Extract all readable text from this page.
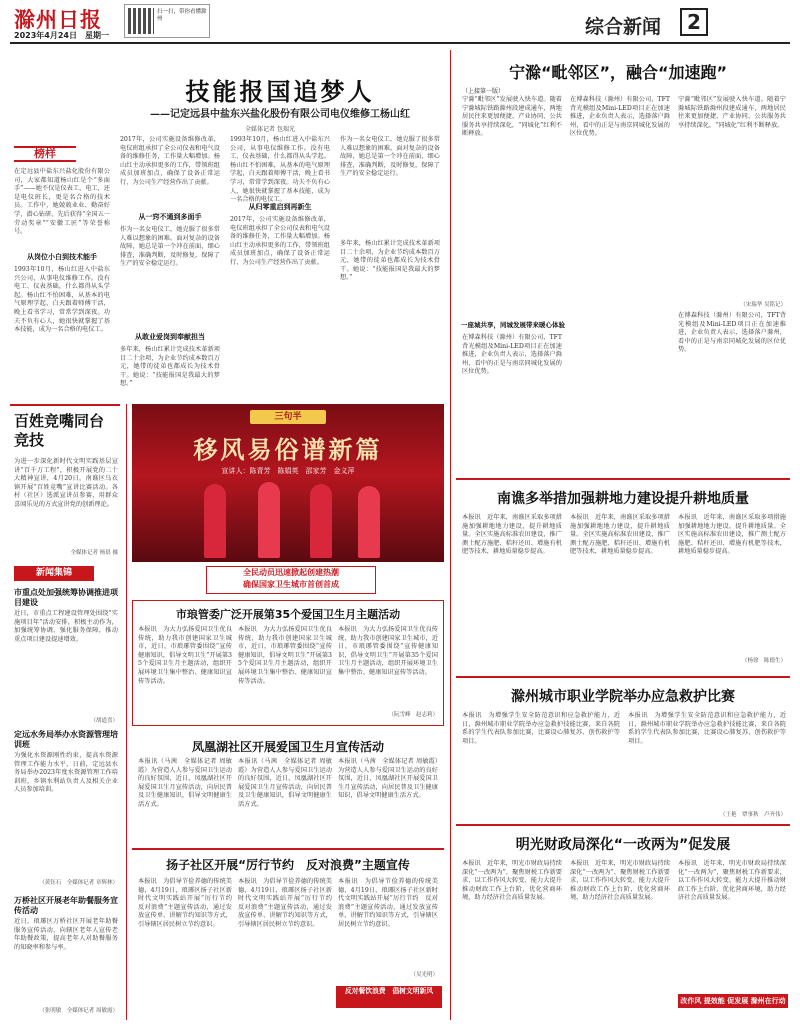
滁州日报
2023年4月24日　星期一
扫一扫，带你看懂滁州	综合新闻 2
技能报国追梦人
——记定远县中盐东兴盐化股份有限公司电仪维修工杨山红
全媒体记者 包瑞光
榜样
在定远县中盐东兴盐化股份有限公司，大家都知道杨山红是个“多面手”——她不仅是仪表工、电工，还是电仪班长，更是名合格的技术员。工作中，她兢兢业业、勤奋好学、潜心钻研，先后获得“全国五一劳动奖章”“安徽工匠”等荣誉称号。
从岗位小白到技术能手
1993年10月，杨山红进入中盐东兴公司，从事电仪维修工作。没有电工、仪表基础，什么都得从头学起。杨山红不怕困难，从基本的电气原理学起，白天跟着师傅干活，晚上看书学习，常常学到深夜。功夫不负有心人，她很快就掌握了基本技能，成为一名合格的电仪工。
2017年，公司实施设备维修改革，电仪班组承担了全公司仪表和电气设备的维修任务，工作量大幅增加。杨山红主动承担更多的工作，带领班组成员加班加点，确保了设备正常运行，为公司生产经营作出了贡献。
从一窍不通到多面手
作为一名女电仪工，她克服了很多常人难以想象的困难。面对复杂的设备故障，她总是第一个冲在前面，细心排查，准确判断，及时修复，保障了生产的安全稳定运行。
从敢业爱岗到奉献担当
多年来，杨山红累计完成技术革新项目二十余项，为企业节约成本数百万元，她带的徒弟也都成长为技术骨干。她说：“技能报国是我最大的梦想。”
1993年10月，杨山红进入中盐东兴公司，从事电仪维修工作。没有电工、仪表基础，什么都得从头学起。杨山红不怕困难，从基本的电气原理学起，白天跟着师傅干活，晚上看书学习，常常学到深夜。功夫不负有心人，她很快就掌握了基本技能，成为一名合格的电仪工。
从归零重启到再新生
2017年，公司实施设备维修改革，电仪班组承担了全公司仪表和电气设备的维修任务，工作量大幅增加。杨山红主动承担更多的工作，带领班组成员加班加点，确保了设备正常运行，为公司生产经营作出了贡献。
作为一名女电仪工，她克服了很多常人难以想象的困难。面对复杂的设备故障，她总是第一个冲在前面，细心排查，准确判断，及时修复，保障了生产的安全稳定运行。
多年来，杨山红累计完成技术革新项目二十余项，为企业节约成本数百万元，她带的徒弟也都成长为技术骨干。她说：“技能报国是我最大的梦想。”
宁滁“毗邻区”，融合“加速跑”
（上接第一版）
宁滁“毗邻区”发展驶入快车道。随着宁滁城际铁路滁州段建成通车，两地居民往来更加便捷，产业协同、公共服务共享持续深化，“同城化”红利不断释放。
一座城共享，同城发展带来暖心体验
在博森科技（滁州）有限公司，TFT背光模组及Mini-LED项目正在加速推进，企业负责人表示，选择落户滁州，看中的正是与南京同城化发展的区位优势。
在博森科技（滁州）有限公司，TFT背光模组及Mini-LED项目正在加速推进，企业负责人表示，选择落户滁州，看中的正是与南京同城化发展的区位优势。
宁滁“毗邻区”发展驶入快车道。随着宁滁城际铁路滁州段建成通车，两地居民往来更加便捷，产业协同、公共服务共享持续深化，“同城化”红利不断释放。
（宋瑞华 吴铭记）
在博森科技（滁州）有限公司，TFT背光模组及Mini-LED项目正在加速推进，企业负责人表示，选择落户滁州，看中的正是与南京同城化发展的区位优势。
南谯多举措加强耕地力建设提升耕地质量
本报讯　近年来，南谯区采取多项措施加强耕地地力建设，提升耕地质量。全区实施高标准农田建设，推广测土配方施肥、秸秆还田、增施有机肥等技术，耕地质量稳步提高。
本报讯　近年来，南谯区采取多项措施加强耕地地力建设，提升耕地质量。全区实施高标准农田建设，推广测土配方施肥、秸秆还田、增施有机肥等技术，耕地质量稳步提高。
本报讯　近年来，南谯区采取多项措施加强耕地地力建设，提升耕地质量。全区实施高标准农田建设，推广测土配方施肥、秸秆还田、增施有机肥等技术，耕地质量稳步提高。
（杨徐　陈德生）
滁州城市职业学院举办应急救护比赛
本报讯　为增强学生安全防范意识和应急救护能力，近日，滁州城市职业学院举办应急救护技能比赛，来自各院系的学生代表队参加比赛，比赛设心肺复苏、创伤救护等项目。
本报讯　为增强学生安全防范意识和应急救护能力，近日，滁州城市职业学院举办应急救护技能比赛，来自各院系的学生代表队参加比赛，比赛设心肺复苏、创伤救护等项目。
（王艳　覃事秋　卢齐伟）
明光财政局深化“一改两为”促发展
本报讯　近年来，明光市财政局持续深化“一改两为”，聚焦财税工作新要求，以工作作风大转变、能力大提升推动财政工作上台阶，优化营商环境，助力经济社会高质量发展。
本报讯　近年来，明光市财政局持续深化“一改两为”，聚焦财税工作新要求，以工作作风大转变、能力大提升推动财政工作上台阶，优化营商环境，助力经济社会高质量发展。
本报讯　近年来，明光市财政局持续深化“一改两为”，聚焦财税工作新要求，以工作作风大转变、能力大提升推动财政工作上台阶，优化营商环境，助力经济社会高质量发展。
改作风 提效能 促发展 滁州在行动
百姓竞嘴同台竞技
为进一步深化新时代文明实践基层宣讲“百千万工程”，积极开展党的二十大精神宣讲，4月20日，南谯区乌衣镇开展“百姓竞嘴”宣讲比赛活动。各村（社区）选派宣讲员参赛，用群众喜闻乐见的方式宣讲党的创新理论。
全媒体记者 杨晨 摄
新闻集锦
市重点处加强统筹协调推进项目建设
近日，市重点工程建设管理处围绕“实施项目年”活动安排，积极主动作为，加强统筹协调，强化服务保障，推动重点项目建设提速增效。
（胡道喜）
定远水务局举办水资源管理培训班
为强化水资源刚性约束，提高水资源管理工作能力水平，日前，定远县水务局举办2023年度水资源管理工作培训班，乡镇水利站负责人及相关企业人员参加培训。
（黄钰石　全媒体记者 章辉林）
万桥社区开展老年助餐服务宣传活动
近日，琅琊区万桥社区开展老年助餐服务宣传活动，向辖区老年人宣传老年助餐政策，提高老年人对助餐服务的知晓率和参与率。
（张明敏　全媒体记者 周敏霞）
三句半
移风易俗谱新篇
宣讲人：陈青芳　陈娟英　邵家芳　金义萍
全民动员迅速掀起创建热潮
确保国家卫生城市首创首成
市琅管委广泛开展第35个爱国卫生月主题活动
本报讯　为大力弘扬爱国卫生优良传统，助力我市创建国家卫生城市，近日，市琅琊管委围绕“宣传健康知识，倡导文明卫生”开展第35个爱国卫生月主题活动，组织开展环境卫生集中整治、健康知识宣传等活动。
本报讯　为大力弘扬爱国卫生优良传统，助力我市创建国家卫生城市，近日，市琅琊管委围绕“宣传健康知识，倡导文明卫生”开展第35个爱国卫生月主题活动，组织开展环境卫生集中整治、健康知识宣传等活动。
本报讯　为大力弘扬爱国卫生优良传统，助力我市创建国家卫生城市，近日，市琅琊管委围绕“宣传健康知识，倡导文明卫生”开展第35个爱国卫生月主题活动，组织开展环境卫生集中整治、健康知识宣传等活动。
（阮雪峰　赵志莉）
凤凰湖社区开展爱国卫生月宣传活动
本报讯（马茜　全媒体记者 周敏霞）为营造人人参与爱国卫生运动的良好氛围，近日，凤凰湖社区开展爱国卫生月宣传活动，向居民普及卫生健康知识，倡导文明健康生活方式。
本报讯（马茜　全媒体记者 周敏霞）为营造人人参与爱国卫生运动的良好氛围，近日，凤凰湖社区开展爱国卫生月宣传活动，向居民普及卫生健康知识，倡导文明健康生活方式。
本报讯（马茜　全媒体记者 周敏霞）为营造人人参与爱国卫生运动的良好氛围，近日，凤凰湖社区开展爱国卫生月宣传活动，向居民普及卫生健康知识，倡导文明健康生活方式。
扬子社区开展“厉行节约　反对浪费”主题宣传
本报讯　为倡导节俭养德的传统美德，4月19日，琅琊区扬子社区新时代文明实践站开展“厉行节约　反对浪费”主题宣传活动，通过发放宣传单、讲解节约知识等方式，引导辖区居民树立节约意识。
本报讯　为倡导节俭养德的传统美德，4月19日，琅琊区扬子社区新时代文明实践站开展“厉行节约　反对浪费”主题宣传活动，通过发放宣传单、讲解节约知识等方式，引导辖区居民树立节约意识。
本报讯　为倡导节俭养德的传统美德，4月19日，琅琊区扬子社区新时代文明实践站开展“厉行节约　反对浪费”主题宣传活动，通过发放宣传单、讲解节约知识等方式，引导辖区居民树立节约意识。
（吴光明）
反对餐饮浪费　倡树文明新风
